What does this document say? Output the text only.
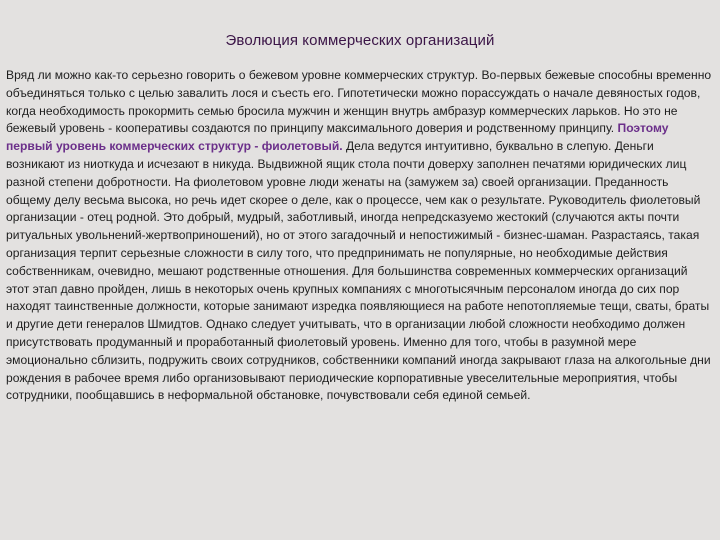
Эволюция коммерческих организаций

Вряд ли можно как-то серьезно говорить о бежевом уровне коммерческих структур. Во-первых бежевые способны временно объединяться только с целью завалить лося и съесть его. Гипотетически можно порассуждать о начале девяностых годов, когда необходимость прокормить семью бросила мужчин и женщин внутрь амбразур коммерческих ларьков. Но это не бежевый уровень - кооперативы создаются по принципу максимального доверия и родственному принципу. Поэтому первый уровень коммерческих структур - фиолетовый. Дела ведутся интуитивно, буквально в слепую. Деньги возникают из ниоткуда и исчезают в никуда. Выдвижной ящик стола почти доверху заполнен печатями юридических лиц разной степени добротности. На фиолетовом уровне люди женаты на (замужем за) своей организации. Преданность общему делу весьма высока, но речь идет скорее о деле, как о процессе, чем как о результате. Руководитель фиолетовый организации - отец родной. Это добрый, мудрый, заботливый, иногда непредсказуемо жестокий (случаются акты почти ритуальных увольнений-жертвоприношений), но от этого загадочный и непостижимый - бизнес-шаман. Разрастаясь, такая организация терпит серьезные сложности в силу того, что предпринимать не популярные, но необходимые действия собственникам, очевидно, мешают родственные отношения. Для большинства современных коммерческих организаций этот этап давно пройден, лишь в некоторых очень крупных компаниях с многотысячным персоналом иногда до сих пор находят таинственные должности, которые занимают изредка появляющиеся на работе непотопляемые тещи, сваты, браты и другие дети генералов Шмидтов. Однако следует учитывать, что в организации любой сложности необходимо должен присутствовать продуманный и проработанный фиолетовый уровень. Именно для того, чтобы в разумной мере эмоционально сблизить, подружить своих сотрудников, собственники компаний иногда закрывают глаза на алкогольные дни рождения в рабочее время либо организовывают периодические корпоративные увеселительные мероприятия, чтобы сотрудники, пообщавшись в неформальной обстановке, почувствовали себя единой семьей.
